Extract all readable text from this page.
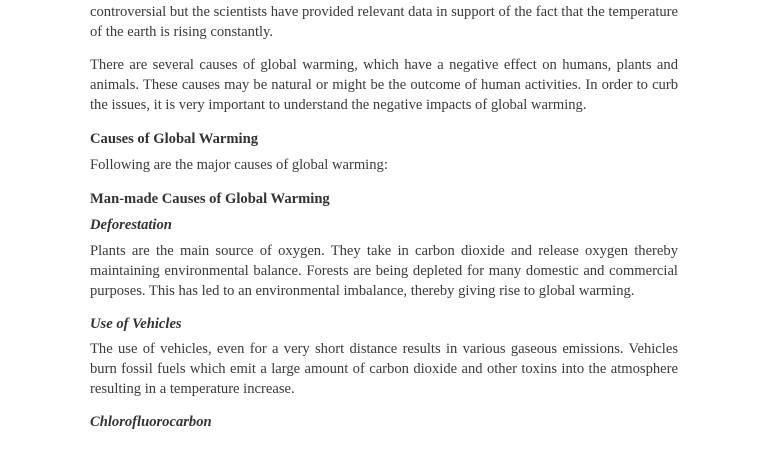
controversial but the scientists have provided relevant data in support of the fact that the temperature of the earth is rising constantly.

There are several causes of global warming, which have a negative effect on humans, plants and animals. These causes may be natural or might be the outcome of human activities. In order to curb the issues, it is very important to understand the negative impacts of global warming.

Causes of Global Warming

Following are the major causes of global warming:

Man-made Causes of Global Warming

Deforestation

Plants are the main source of oxygen. They take in carbon dioxide and release oxygen thereby maintaining environmental balance. Forests are being depleted for many domestic and commercial purposes. This has led to an environmental imbalance, thereby giving rise to global warming.

Use of Vehicles

The use of vehicles, even for a very short distance results in various gaseous emissions. Vehicles burn fossil fuels which emit a large amount of carbon dioxide and other toxins into the atmosphere resulting in a temperature increase.

Chlorofluorocarbon
